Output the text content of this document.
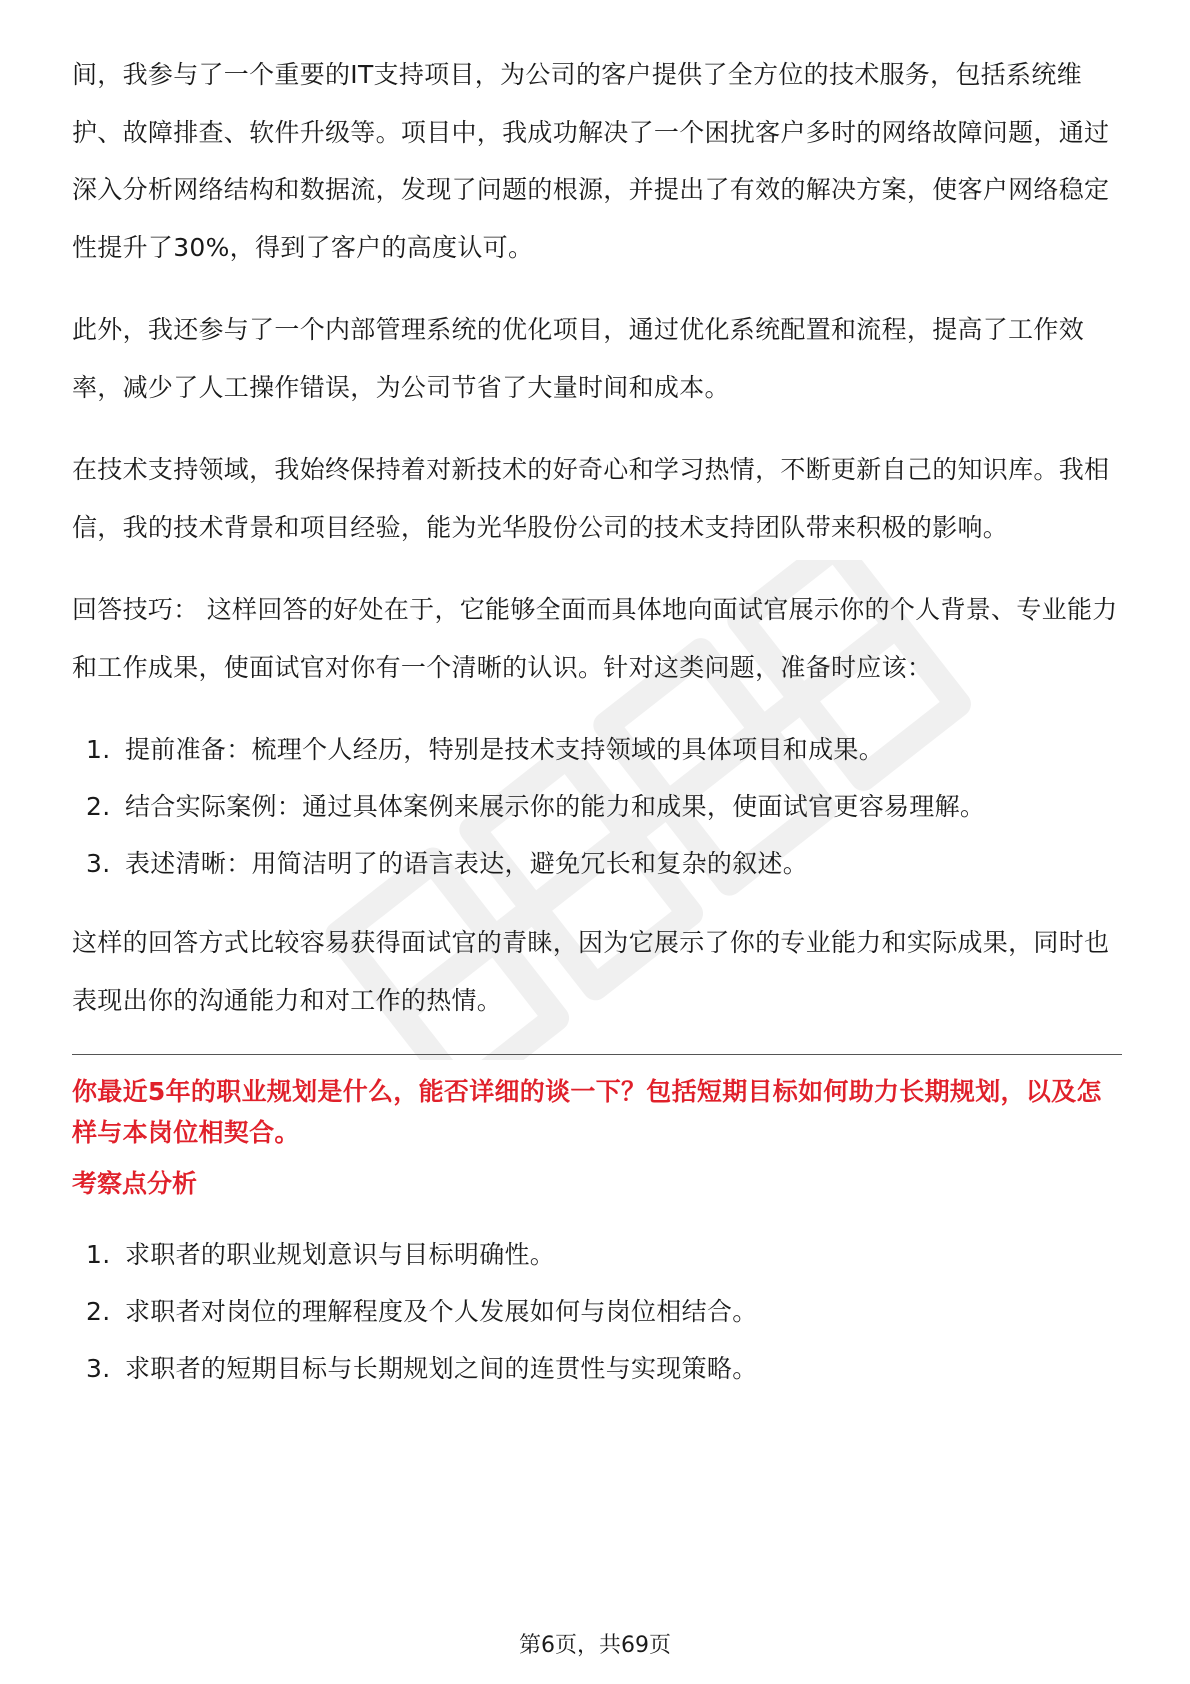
间，我参与了一个重要的IT支持项目，为公司的客户提供了全方位的技术服务，包括系统维护、故障排查、软件升级等。项目中，我成功解决了一个困扰客户多时的网络故障问题，通过深入分析网络结构和数据流，发现了问题的根源，并提出了有效的解决方案，使客户网络稳定性提升了30%，得到了客户的高度认可。

此外，我还参与了一个内部管理系统的优化项目，通过优化系统配置和流程，提高了工作效率，减少了人工操作错误，为公司节省了大量时间和成本。

在技术支持领域，我始终保持着对新技术的好奇心和学习热情，不断更新自己的知识库。我相信，我的技术背景和项目经验，能为光华股份公司的技术支持团队带来积极的影响。

回答技巧： 这样回答的好处在于，它能够全面而具体地向面试官展示你的个人背景、专业能力和工作成果，使面试官对你有一个清晰的认识。针对这类问题，准备时应该：

1. 提前准备：梳理个人经历，特别是技术支持领域的具体项目和成果。
2. 结合实际案例：通过具体案例来展示你的能力和成果，使面试官更容易理解。
3. 表述清晰：用简洁明了的语言表达，避免冗长和复杂的叙述。

这样的回答方式比较容易获得面试官的青睐，因为它展示了你的专业能力和实际成果，同时也表现出你的沟通能力和对工作的热情。

你最近5年的职业规划是什么，能否详细的谈一下？包括短期目标如何助力长期规划，以及怎样与本岗位相契合。
考察点分析
1. 求职者的职业规划意识与目标明确性。
2. 求职者对岗位的理解程度及个人发展如何与岗位相结合。
3. 求职者的短期目标与长期规划之间的连贯性与实现策略。
第6页，共69页
